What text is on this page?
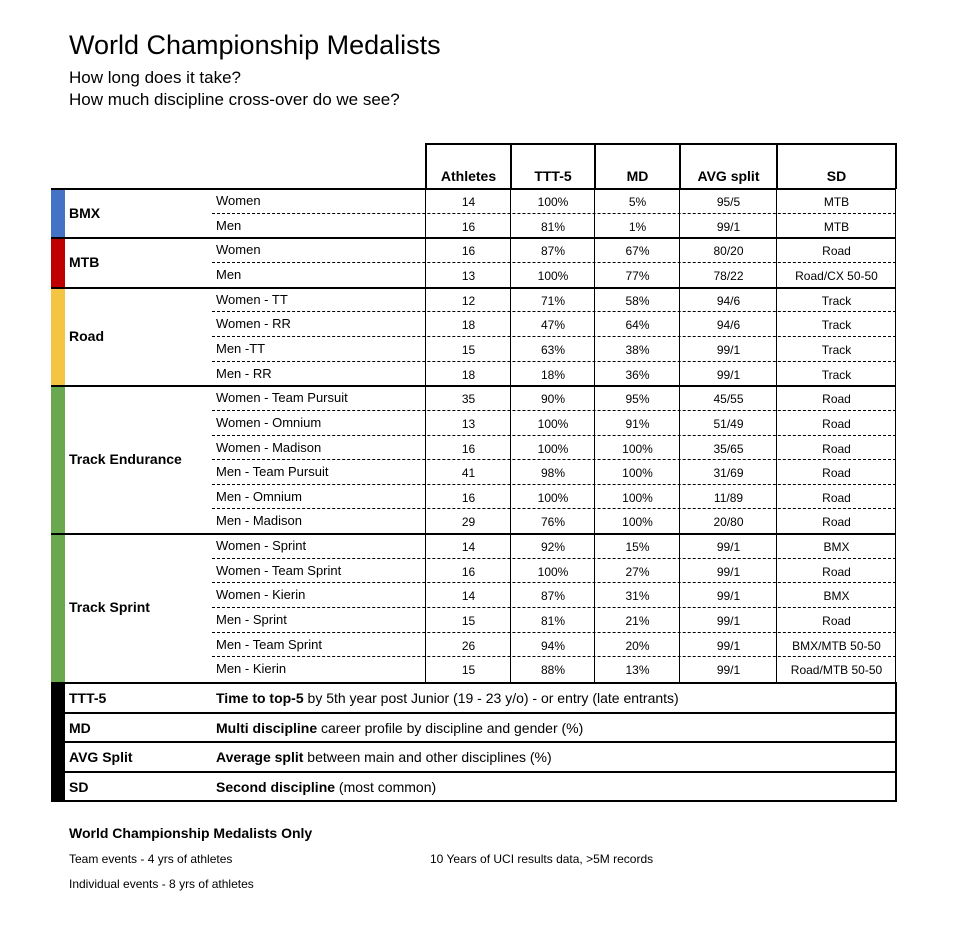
World Championship Medalists
How long does it take?
How much discipline cross-over do we see?
Athletes	TTT-5	MD	AVG split	SD
BMX
Women	14	100%	5%	95/5	MTB
Men	16	81%	1%	99/1	MTB
MTB
Women	16	87%	67%	80/20	Road
Men	13	100%	77%	78/22	Road/CX 50-50
Road
Women - TT	12	71%	58%	94/6	Track
Women - RR	18	47%	64%	94/6	Track
Men -TT	15	63%	38%	99/1	Track
Men - RR	18	18%	36%	99/1	Track
Track Endurance
Women - Team Pursuit	35	90%	95%	45/55	Road
Women - Omnium	13	100%	91%	51/49	Road
Women - Madison	16	100%	100%	35/65	Road
Men - Team Pursuit	41	98%	100%	31/69	Road
Men - Omnium	16	100%	100%	11/89	Road
Men - Madison	29	76%	100%	20/80	Road
Track Sprint
Women - Sprint	14	92%	15%	99/1	BMX
Women - Team Sprint	16	100%	27%	99/1	Road
Women - Kierin	14	87%	31%	99/1	BMX
Men - Sprint	15	81%	21%	99/1	Road
Men - Team Sprint	26	94%	20%	99/1	BMX/MTB 50-50
Men - Kierin	15	88%	13%	99/1	Road/MTB 50-50
TTT-5	Time to top-5 by 5th year post Junior (19 - 23 y/o) - or entry (late entrants)
MD	Multi discipline career profile by discipline and gender (%)
AVG Split	Average split between main and other disciplines (%)
SD	Second discipline (most common)
World Championship Medalists Only
Team events - 4 yrs of athletes
Individual events - 8 yrs of athletes
10 Years of UCI results data, >5M records
